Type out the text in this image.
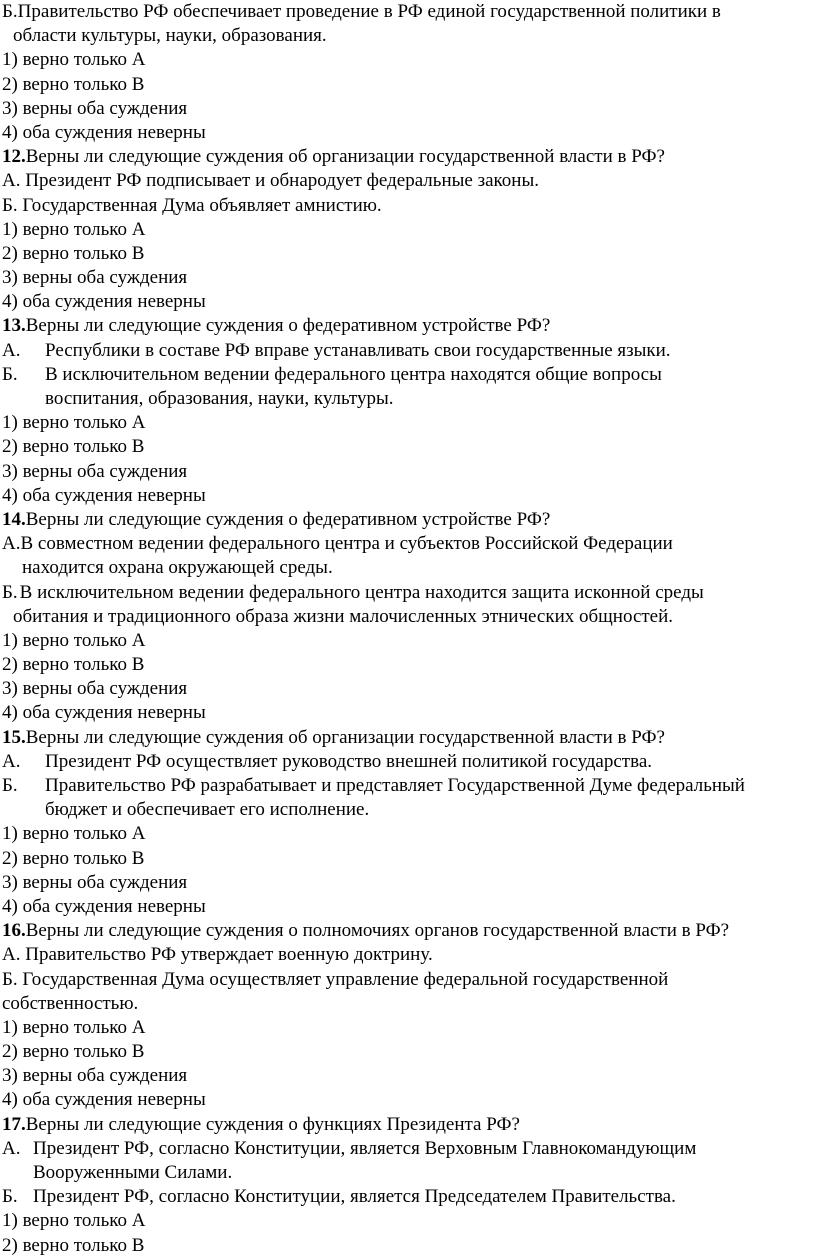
Б.Правительство РФ обеспечивает проведение в РФ единой государственной политики в
области культуры, науки, образования.
1) верно только А
2) верно только В
3) верны оба суждения
4) оба суждения неверны
12.Верны ли следующие суждения об организации государственной власти в РФ?
А. Президент РФ подписывает и обнародует федеральные законы.
Б. Государственная Дума объявляет амнистию.
1) верно только А
2) верно только В
3) верны оба суждения
4) оба суждения неверны
13.Верны ли следующие суждения о федеративном устройстве РФ?
А. Республики в составе РФ вправе устанавливать свои государственные языки.
Б. В исключительном ведении федерального центра находятся общие вопросы
воспитания, образования, науки, культуры.
1) верно только А
2) верно только В
3) верны оба суждения
4) оба суждения неверны
14.Верны ли следующие суждения о федеративном устройстве РФ?
А.В совместном ведении федерального центра и субъектов Российской Федерации
находится охрана окружающей среды.
Б. В исключительном ведении федерального центра находится защита исконной среды
обитания и традиционного образа жизни малочисленных этнических общностей.
1) верно только А
2) верно только В
3) верны оба суждения
4) оба суждения неверны
15.Верны ли следующие суждения об организации государственной власти в РФ?
А. Президент РФ осуществляет руководство внешней политикой государства.
Б. Правительство РФ разрабатывает и представляет Государственной Думе федеральный
бюджет и обеспечивает его исполнение.
1) верно только А
2) верно только В
3) верны оба суждения
4) оба суждения неверны
16.Верны ли следующие суждения о полномочиях органов государственной власти в РФ?
А. Правительство РФ утверждает военную доктрину.
Б. Государственная Дума осуществляет управление федеральной государственной
собственностью.
1) верно только А
2) верно только В
3) верны оба суждения
4) оба суждения неверны
17.Верны ли следующие суждения о функциях Президента РФ?
А. Президент РФ, согласно Конституции, является Верховным Главнокомандующим
Вооруженными Силами.
Б. Президент РФ, согласно Конституции, является Председателем Правительства.
1) верно только А
2) верно только В
